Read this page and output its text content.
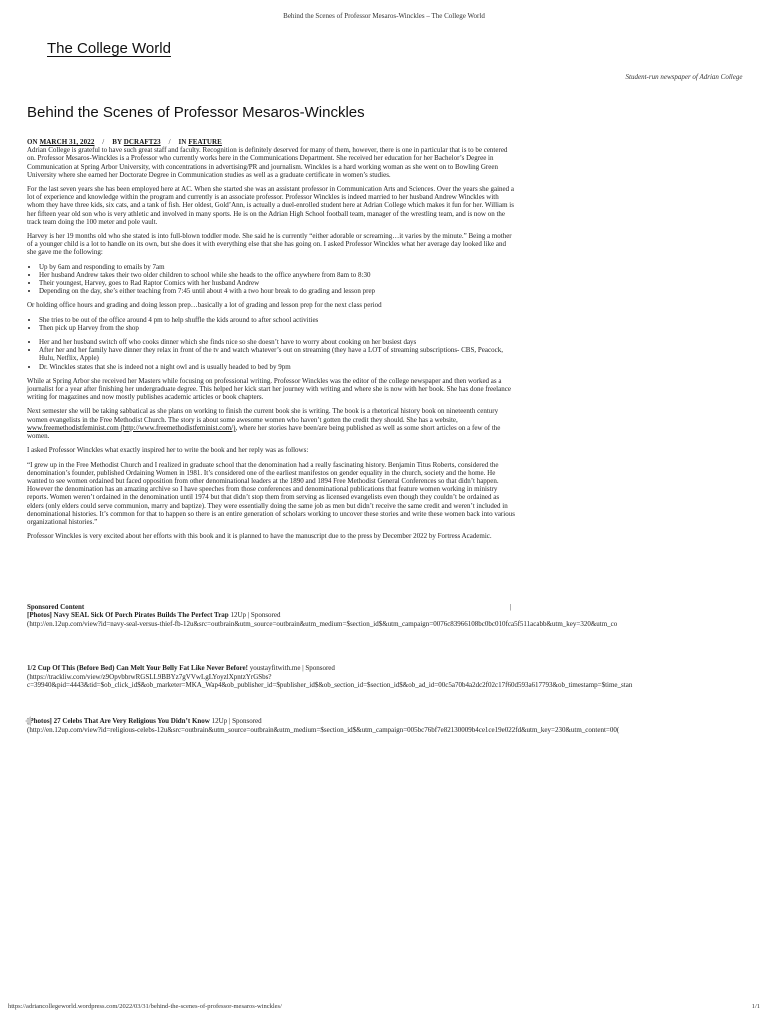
Behind the Scenes of Professor Mesaros-Winckles – The College World
The College World
Student-run newspaper of Adrian College
Behind the Scenes of Professor Mesaros-Winckles
ON MARCH 31, 2022 / BY DCRAFT23 / IN FEATURE

Adrian College is grateful to have such great staff and faculty. Recognition is definitely deserved for many of them, however, there is one in particular that is to be centered on. Professor Mesaros-Winckles is a Professor who currently works here in the Communications Department. She received her education for her Bachelor’s Degree in Communication at Spring Arbor University, with concentrations in advertising/PR and journalism. Winckles is a hard working woman as she went on to Bowling Green University where she earned her Doctorate Degree in Communication studies as well as a graduate certificate in women’s studies.

For the last seven years she has been employed here at AC. When she started she was an assistant professor in Communication Arts and Sciences. Over the years she gained a lot of experience and knowledge within the program and currently is an associate professor. Professor Winckles is indeed married to her husband Andrew Winckles with whom they have three kids, six cats, and a tank of fish. Her oldest, Gold’Ann, is actually a duel-enrolled student here at Adrian College which makes it fun for her. William is her fifteen year old son who is very athletic and involved in many sports. He is on the Adrian High School football team, manager of the wrestling team, and is now on the track team doing the 100 meter and pole vault.

Harvey is her 19 months old who she stated is into full-blown toddler mode. She said he is currently “either adorable or screaming…it varies by the minute.” Being a mother of a younger child is a lot to handle on its own, but she does it with everything else that she has going on. I asked Professor Winckles what her average day looked like and she gave me the following:

• Up by 6am and responding to emails by 7am
• Her husband Andrew takes their two older children to school while she heads to the office anywhere from 8am to 8:30
• Their youngest, Harvey, goes to Rad Raptor Comics with her husband Andrew
• Depending on the day, she’s either teaching from 7:45 until about 4 with a two hour break to do grading and lesson prep

Or holding office hours and grading and doing lesson prep…basically a lot of grading and lesson prep for the next class period

• She tries to be out of the office around 4 pm to help shuffle the kids around to after school activities
• Then pick up Harvey from the shop
• Her and her husband switch off who cooks dinner which she finds nice so she doesn’t have to worry about cooking on her busiest days
• After her and her family have dinner they relax in front of the tv and watch whatever’s out on streaming (they have a LOT of streaming subscriptions- CBS, Peacock, Hulu, Netflix, Apple)
• Dr. Winckles states that she is indeed not a night owl and is usually headed to bed by 9pm

While at Spring Arbor she received her Masters while focusing on professional writing. Professor Winckles was the editor of the college newspaper and then worked as a journalist for a year after finishing her undergraduate degree. This helped her kick start her journey with writing and where she is now with her book. She has done freelance writing for magazines and now mostly publishes academic articles or book chapters.

Next semester she will be taking sabbatical as she plans on working to finish the current book she is writing. The book is a rhetorical history book on nineteenth century women evangelists in the Free Methodist Church. The story is about some awesome women who haven’t gotten the credit they should. She has a website, www.freemethodistfeminist.com (http://www.freemethodistfeminist.com/), where her stories have been/are being published as well as some short articles on a few of the women.

I asked Professor Winckles what exactly inspired her to write the book and her reply was as follows:

“I grew up in the Free Methodist Church and I realized in graduate school that the denomination had a really fascinating history. Benjamin Titus Roberts, considered the denomination’s founder, published Ordaining Women in 1981. It’s considered one of the earliest manifestos on gender equality in the church, society and the home. He wanted to see women ordained but faced opposition from other denominational leaders at the 1890 and 1894 Free Methodist General Conferences so that didn’t happen. However the denomination has an amazing archive so I have speeches from those conferences and denominational publications that feature women working in ministry reports. Women weren’t ordained in the denomination until 1974 but that didn’t stop them from serving as licensed evangelists even though they couldn’t be ordained as elders (only elders could serve communion, marry and baptize). They were essentially doing the same job as men but didn’t receive the same credit and weren’t included in denominational histories. It’s common for that to happen so there is an entire generation of scholars working to uncover these stories and write these women back into various organizational histories.”

Professor Winckles is very excited about her efforts with this book and it is planned to have the manuscript due to the press by December 2022 by Fortress Academic.

Sponsored Content	|
[Photos] Navy SEAL Sick Of Porch Pirates Builds The Perfect Trap 12Up | Sponsored
(http://en.12up.com/view?id=navy-seal-versus-thief-fb-12u&src=outbrain&utm_source=outbrain&utm_medium=$section_id$&utm_campaign=0076c83966108bc0bc010fca5f511acabb&utm_key=320&utm_co
1/2 Cup Of This (Before Bed) Can Melt Your Belly Fat Like Never Before! youstayfitwith.me | Sponsored
(https://trackliw.com/view/z9OpvbbrwRGSLL9BBYz7gVVwLgLYoyzlXpntzYrGSbs?
c=39940&pid=4443&tid=$ob_click_id$&ob_marketer=MKA_Wap4&ob_publisher_id=$publisher_id$&ob_section_id=$section_id$&ob_ad_id=00c5a70b4a2dc2f02c17f60d593a617793&ob_timestamp=$time_stan
[Photos] 27 Celebs That Are Very Religious You Didn’t Know 12Up | Sponsored
(http://en.12up.com/view?id=religious-celebs-12u&src=outbrain&utm_source=outbrain&utm_medium=$section_id$&utm_campaign=005bc76bf7e82130009b4ce1ce19e022fd&utm_key=230&utm_content=00(
https://adriancollegeworld.wordpress.com/2022/03/31/behind-the-scenes-of-professor-mesaros-winckles/	1/1
